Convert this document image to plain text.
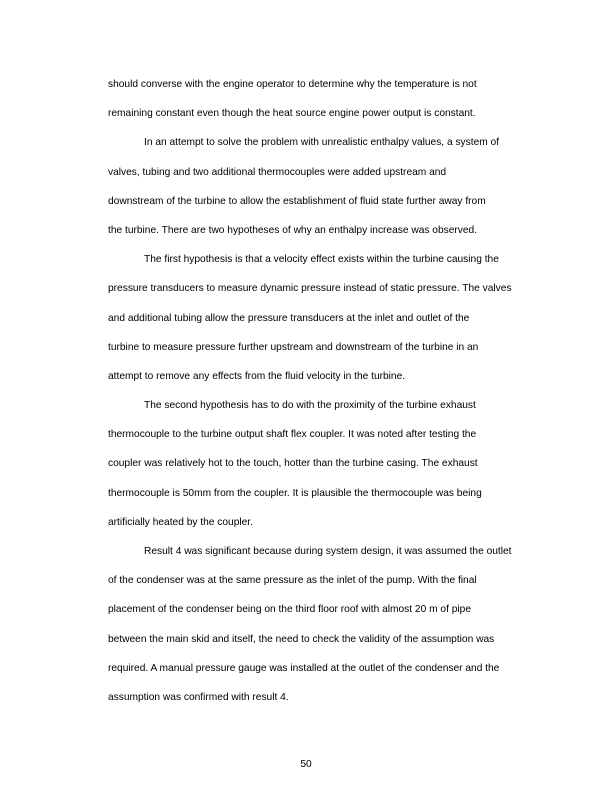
should converse with the engine operator to determine why the temperature is not
remaining constant even though the heat source engine power output is constant.
In an attempt to solve the problem with unrealistic enthalpy values, a system of
valves, tubing and two additional thermocouples were added upstream and
downstream of the turbine to allow the establishment of fluid state further away from
the turbine. There are two hypotheses of why an enthalpy increase was observed.
The first hypothesis is that a velocity effect exists within the turbine causing the
pressure transducers to measure dynamic pressure instead of static pressure. The valves
and additional tubing allow the pressure transducers at the inlet and outlet of the
turbine to measure pressure further upstream and downstream of the turbine in an
attempt to remove any effects from the fluid velocity in the turbine.
The second hypothesis has to do with the proximity of the turbine exhaust
thermocouple to the turbine output shaft flex coupler. It was noted after testing the
coupler was relatively hot to the touch, hotter than the turbine casing. The exhaust
thermocouple is 50mm from the coupler. It is plausible the thermocouple was being
artificially heated by the coupler.
Result 4 was significant because during system design, it was assumed the outlet
of the condenser was at the same pressure as the inlet of the pump. With the final
placement of the condenser being on the third floor roof with almost 20 m of pipe
between the main skid and itself, the need to check the validity of the assumption was
required. A manual pressure gauge was installed at the outlet of the condenser and the
assumption was confirmed with result 4.
50
